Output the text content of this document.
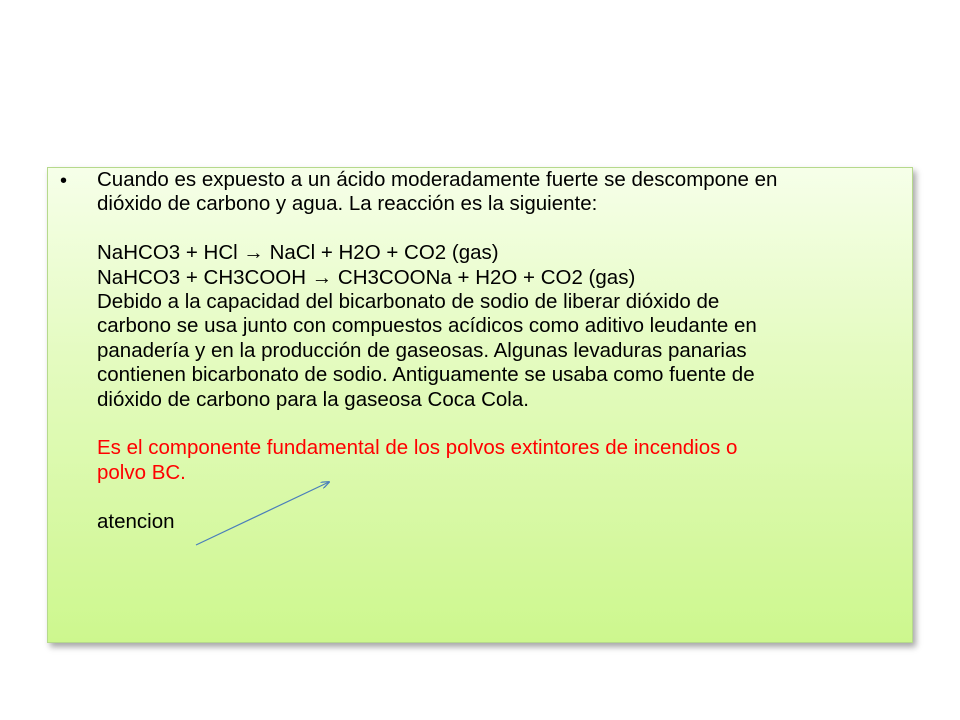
• Cuando es expuesto a un ácido moderadamente fuerte se descompone en
dióxido de carbono y agua. La reacción es la siguiente:
NaHCO3 + HCl → NaCl + H2O + CO2 (gas)
NaHCO3 + CH3COOH → CH3COONa + H2O + CO2 (gas)
Debido a la capacidad del bicarbonato de sodio de liberar dióxido de
carbono se usa junto con compuestos acídicos como aditivo leudante en
panadería y en la producción de gaseosas. Algunas levaduras panarias
contienen bicarbonato de sodio. Antiguamente se usaba como fuente de
dióxido de carbono para la gaseosa Coca Cola.
Es el componente fundamental de los polvos extintores de incendios o
polvo BC.
atencion
